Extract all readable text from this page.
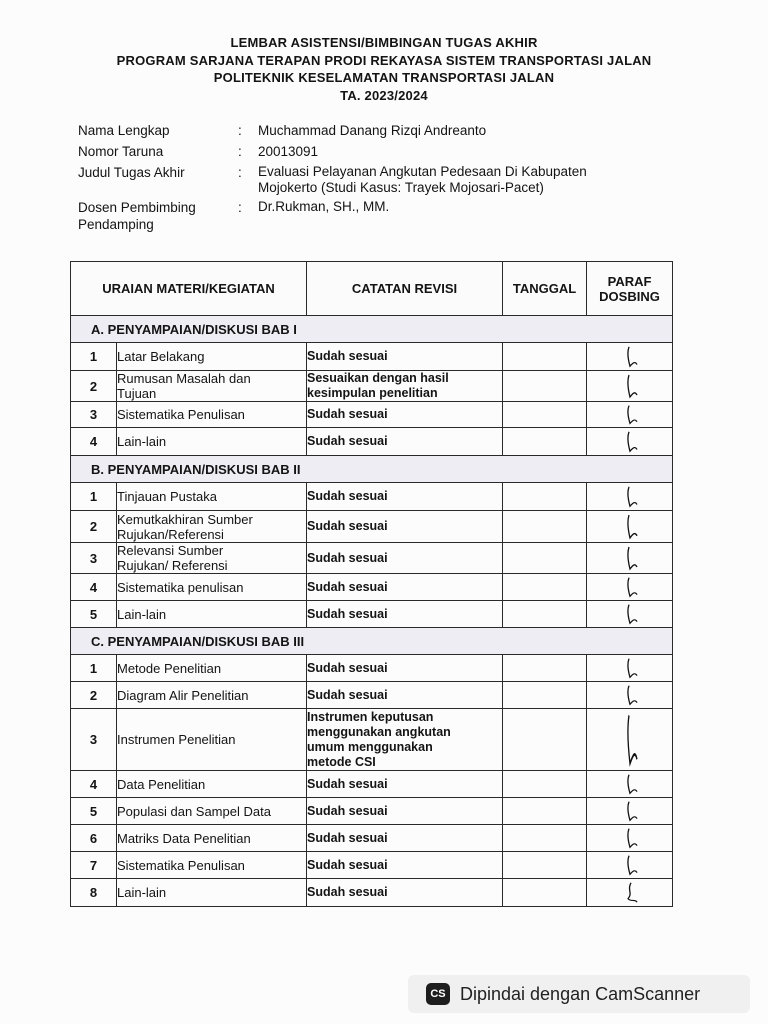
LEMBAR ASISTENSI/BIMBINGAN TUGAS AKHIR
PROGRAM SARJANA TERAPAN PRODI REKAYASA SISTEM TRANSPORTASI JALAN
POLITEKNIK KESELAMATAN TRANSPORTASI JALAN
TA. 2023/2024
Nama Lengkap	:	Muchammad Danang Rizqi Andreanto
Nomor Taruna	:	20013091
Judul Tugas Akhir	:	Evaluasi Pelayanan Angkutan Pedesaan Di Kabupaten
Mojokerto (Studi Kasus: Trayek Mojosari-Pacet)
Dosen Pembimbing
Pendamping
:	Dr.Rukman, SH., MM.
URAIAN MATERI/KEGIATAN		CATATAN REVISI	TANGGAL	PARAF
DOSBING
A. PENYAMPAIAN/DISKUSI BAB I				
1	Latar Belakang	Sudah sesuai		

2	Rumusan Masalah dan
Tujuan	Sesuaikan dengan hasil
kesimpulan penelitian		

3	Sistematika Penulisan	Sudah sesuai		

4	Lain-lain	Sudah sesuai		

B. PENYAMPAIAN/DISKUSI BAB II				
1	Tinjauan Pustaka	Sudah sesuai		

2	Kemutkakhiran Sumber
Rujukan/Referensi	Sudah sesuai		

3	Relevansi Sumber
Rujukan/ Referensi	Sudah sesuai		

4	Sistematika penulisan	Sudah sesuai		

5	Lain-lain	Sudah sesuai		

C. PENYAMPAIAN/DISKUSI BAB III				
1	Metode Penelitian	Sudah sesuai		

2	Diagram Alir Penelitian	Sudah sesuai		

3	Instrumen Penelitian	Instrumen keputusan
menggunakan angkutan
umum menggunakan
metode CSI		

4	Data Penelitian	Sudah sesuai		

5	Populasi dan Sampel Data	Sudah sesuai		

6	Matriks Data Penelitian	Sudah sesuai		

7	Sistematika Penulisan	Sudah sesuai		

8	Lain-lain	Sudah sesuai		
CS Dipindai dengan CamScanner
